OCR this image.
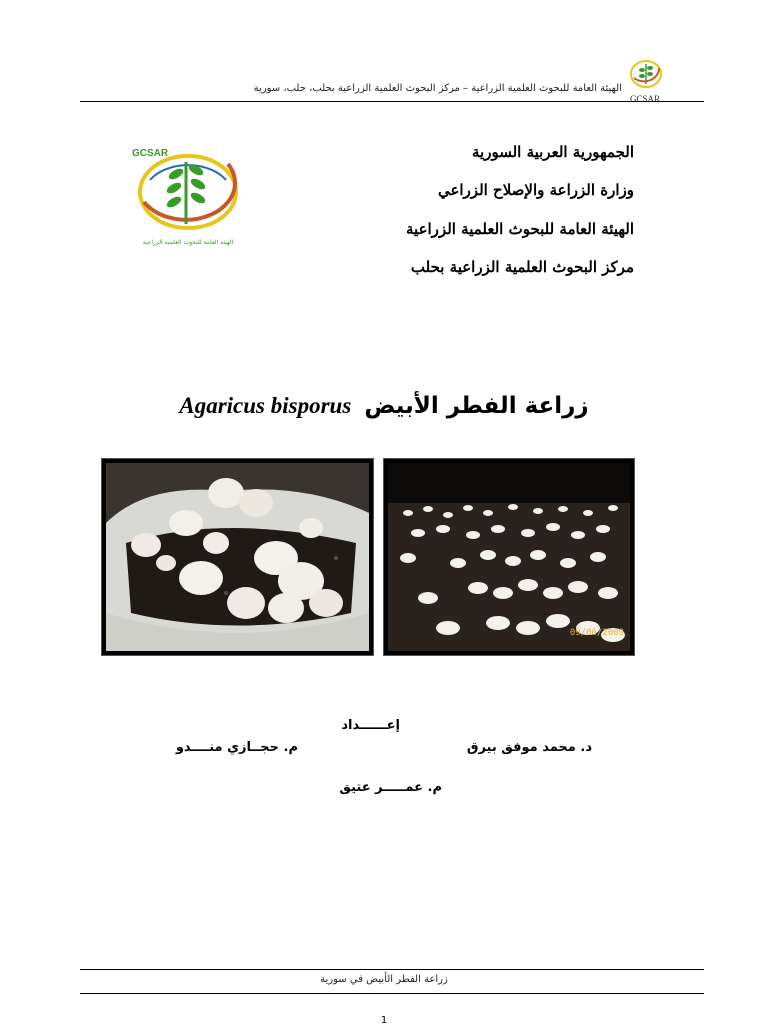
GCSAR
الهيئة العامة للبحوث العلمية الزراعية – مركز البحوث العلمية الزراعية بحلب، حلب، سورية
GCSAR
الهيئة العامة للبحوث العلمية الزراعية
الجمهورية العربية السورية
وزارة الزراعة والإصلاح الزراعي
الهيئة العامة للبحوث العلمية الزراعية
مركز البحوث العلمية الزراعية بحلب
زراعة الفطر الأبيض Agaricus bisporus
09/06/2009
إعــــــداد
د. محمد موفق بيرق
م. حجــازي منــــدو
م. عمـــــر عتيق
زراعة الفطر الأبيض في سورية
1
